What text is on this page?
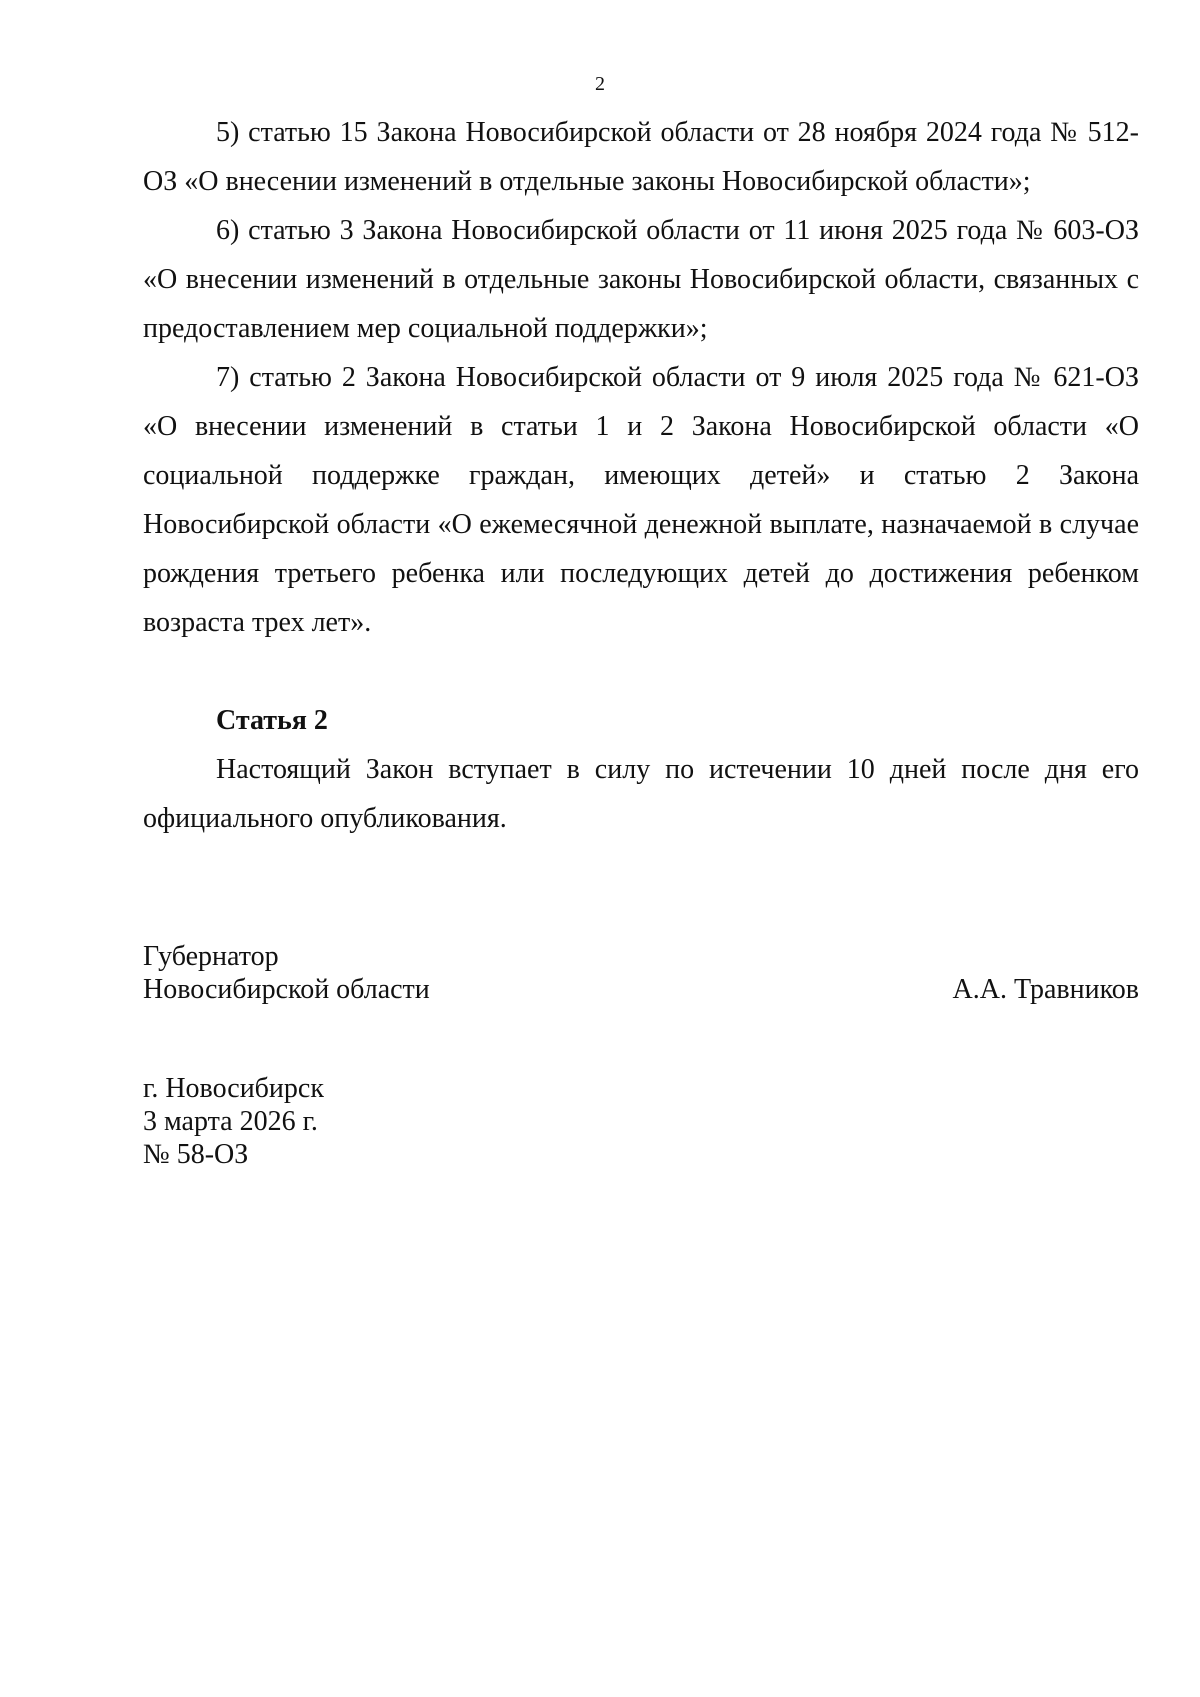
2

5) статью 15 Закона Новосибирской области от 28 ноября 2024 года № 512-ОЗ «О внесении изменений в отдельные законы Новосибирской области»;

6) статью 3 Закона Новосибирской области от 11 июня 2025 года № 603-ОЗ «О внесении изменений в отдельные законы Новосибирской области, связанных с предоставлением мер социальной поддержки»;

7) статью 2 Закона Новосибирской области от 9 июля 2025 года № 621-ОЗ «О внесении изменений в статьи 1 и 2 Закона Новосибирской области «О социальной поддержке граждан, имеющих детей» и статью 2 Закона Новосибирской области «О ежемесячной денежной выплате, назначаемой в случае рождения третьего ребенка или последующих детей до достижения ребенком возраста трех лет».

Статья 2

Настоящий Закон вступает в силу по истечении 10 дней после дня его официального опубликования.

Губернатор
Новосибирской области	А.А. Травников
г. Новосибирск
3 марта 2026 г.
№ 58-ОЗ
